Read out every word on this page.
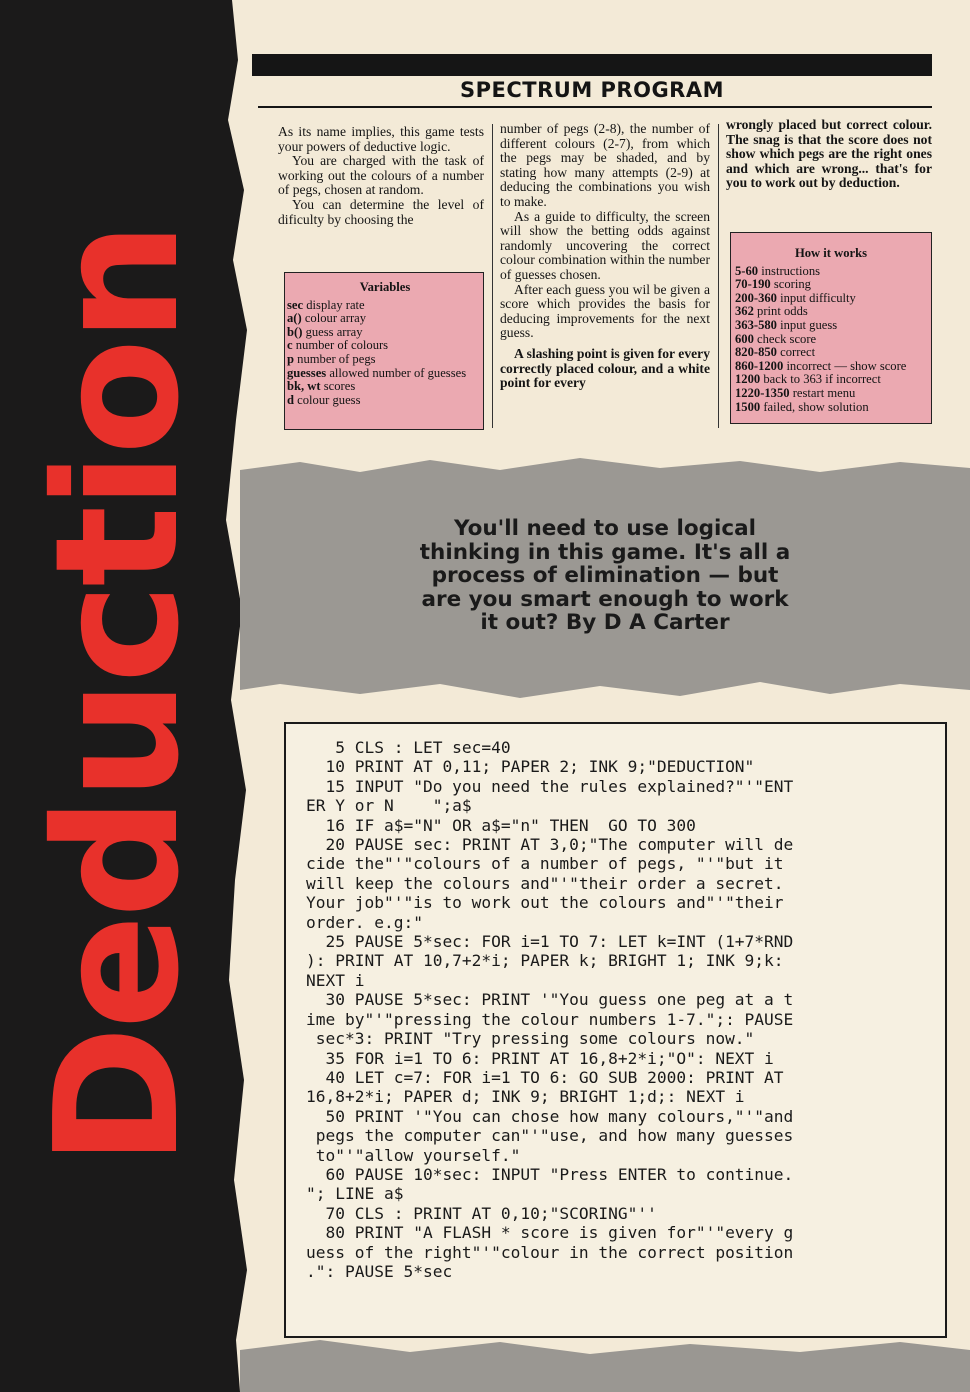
Deduction
SPECTRUM PROGRAM

As its name implies, this game tests your powers of deductive logic.

You are charged with the task of working out the colours of a number of pegs, chosen at random.

You can determine the level of dificulty by choosing the

Variables
sec display rate
a() colour array
b() guess array
c number of colours
p number of pegs
guesses allowed number of guesses
bk, wt scores
d colour guess

number of pegs (2-8), the number of different colours (2-7), from which the pegs may be shaded, and by stating how many attempts (2-9) at deducing the combinations you wish to make.

As a guide to difficulty, the screen will show the betting odds against randomly uncovering the correct colour combination within the number of guesses chosen.

After each guess you wil be given a score which provides the basis for deducing improvements for the next guess.

A slashing point is given for every correctly placed colour, and a white point for every

wrongly placed but correct colour. The snag is that the score does not show which pegs are the right ones and which are wrong... that's for you to work out by deduction.

How it works
5-60 instructions
70-190 scoring
200-360 input difficulty
362 print odds
363-580 input guess
600 check score
820-850 correct
860-1200 incorrect — show score
1200 back to 363 if incorrect
1220-1350 restart menu
1500 failed, show solution
You'll need to use logical
thinking in this game. It's all a
process of elimination — but
are you smart enough to work
it out? By D A Carter
5 CLS : LET sec=40
10 PRINT AT 0,11; PAPER 2; INK 9;"DEDUCTION"
15 INPUT "Do you need the rules explained?"'"ENT
ER Y or N    ";a$
16 IF a$="N" OR a$="n" THEN  GO TO 300
20 PAUSE sec: PRINT AT 3,0;"The computer will de
cide the"'"colours of a number of pegs, "'"but it
will keep the colours and"'"their order a secret.
Your job"'"is to work out the colours and"'"their
order. e.g:"
25 PAUSE 5*sec: FOR i=1 TO 7: LET k=INT (1+7*RND
): PRINT AT 10,7+2*i; PAPER k; BRIGHT 1; INK 9;k:
NEXT i
30 PAUSE 5*sec: PRINT '"You guess one peg at a t
ime by"'"pressing the colour numbers 1-7.";: PAUSE
sec*3: PRINT "Try pressing some colours now."
35 FOR i=1 TO 6: PRINT AT 16,8+2*i;"O": NEXT i
40 LET c=7: FOR i=1 TO 6: GO SUB 2000: PRINT AT
16,8+2*i; PAPER d; INK 9; BRIGHT 1;d;: NEXT i
50 PRINT '"You can chose how many colours,"'"and
pegs the computer can"'"use, and how many guesses
to"'"allow yourself."
60 PAUSE 10*sec: INPUT "Press ENTER to continue.
"; LINE a$
70 CLS : PRINT AT 0,10;"SCORING"''
80 PRINT "A FLASH * score is given for"'"every g
uess of the right"'"colour in the correct position
.": PAUSE 5*sec
